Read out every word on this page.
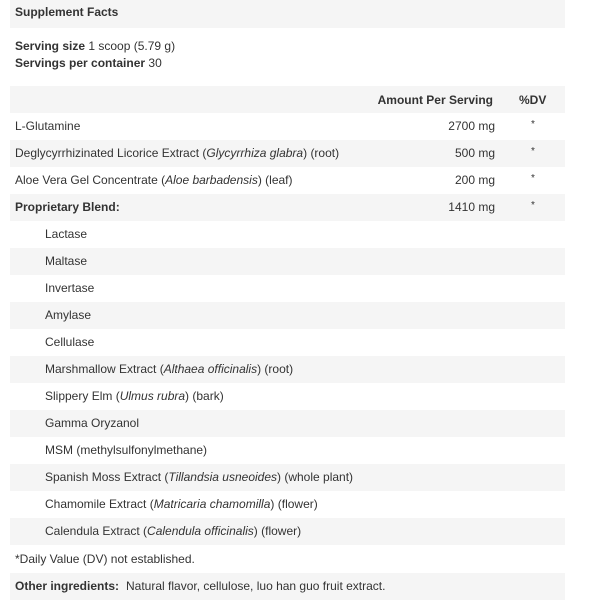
Supplement Facts
Serving size 1 scoop (5.79 g)
Servings per container 30
Amount Per Serving %DV
L-Glutamine	2700 mg	*
Deglycyrrhizinated Licorice Extract (Glycyrrhiza glabra) (root)	500 mg	*
Aloe Vera Gel Concentrate (Aloe barbadensis) (leaf)	200 mg	*
Proprietary Blend:	1410 mg	*
Lactase
Maltase
Invertase
Amylase
Cellulase
Marshmallow Extract (Althaea officinalis) (root)
Slippery Elm (Ulmus rubra) (bark)
Gamma Oryzanol
MSM (methylsulfonylmethane)
Spanish Moss Extract (Tillandsia usneoides) (whole plant)
Chamomile Extract (Matricaria chamomilla) (flower)
Calendula Extract (Calendula officinalis) (flower)
*Daily Value (DV) not established.
Other ingredients: Natural flavor, cellulose, luo han guo fruit extract.
